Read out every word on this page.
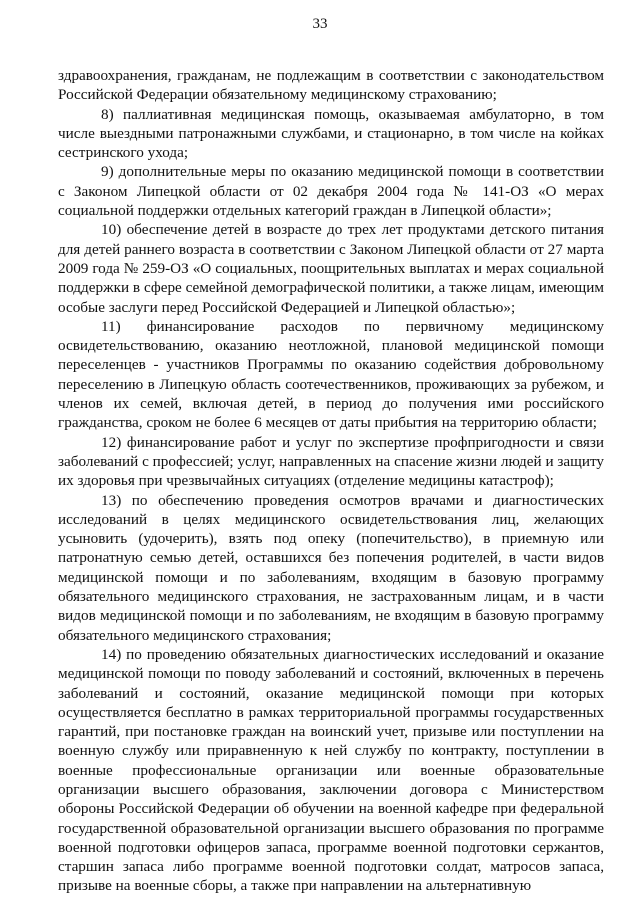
33

здравоохранения, гражданам, не подлежащим в соответствии с законодательством Российской Федерации обязательному медицинскому страхованию;

8) паллиативная медицинская помощь, оказываемая амбулаторно, в том числе выездными патронажными службами, и стационарно, в том числе на койках сестринского ухода;

9) дополнительные меры по оказанию медицинской помощи в соответствии с Законом Липецкой области от 02 декабря 2004 года № 141-ОЗ «О мерах социальной поддержки отдельных категорий граждан в Липецкой области»;

10) обеспечение детей в возрасте до трех лет продуктами детского питания для детей раннего возраста в соответствии с Законом Липецкой области от 27 марта 2009 года № 259-ОЗ «О социальных, поощрительных выплатах и мерах социальной поддержки в сфере семейной демографической политики, а также лицам, имеющим особые заслуги перед Российской Федерацией и Липецкой областью»;

11) финансирование расходов по первичному медицинскому освидетельствованию, оказанию неотложной, плановой медицинской помощи переселенцев - участников Программы по оказанию содействия добровольному переселению в Липецкую область соотечественников, проживающих за рубежом, и членов их семей, включая детей, в период до получения ими российского гражданства, сроком не более 6 месяцев от даты прибытия на территорию области;

12) финансирование работ и услуг по экспертизе профпригодности и связи заболеваний с профессией; услуг, направленных на спасение жизни людей и защиту их здоровья при чрезвычайных ситуациях (отделение медицины катастроф);

13) по обеспечению проведения осмотров врачами и диагностических исследований в целях медицинского освидетельствования лиц, желающих усыновить (удочерить), взять под опеку (попечительство), в приемную или патронатную семью детей, оставшихся без попечения родителей, в части видов медицинской помощи и по заболеваниям, входящим в базовую программу обязательного медицинского страхования, не застрахованным лицам, и в части видов медицинской помощи и по заболеваниям, не входящим в базовую программу обязательного медицинского страхования;

14) по проведению обязательных диагностических исследований и оказание медицинской помощи по поводу заболеваний и состояний, включенных в перечень заболеваний и состояний, оказание медицинской помощи при которых осуществляется бесплатно в рамках территориальной программы государственных гарантий, при постановке граждан на воинский учет, призыве или поступлении на военную службу или приравненную к ней службу по контракту, поступлении в военные профессиональные организации или военные образовательные организации высшего образования, заключении договора с Министерством обороны Российской Федерации об обучении на военной кафедре при федеральной государственной образовательной организации высшего образования по программе военной подготовки офицеров запаса, программе военной подготовки сержантов, старшин запаса либо программе военной подготовки солдат, матросов запаса, призыве на военные сборы, а также при направлении на альтернативную
